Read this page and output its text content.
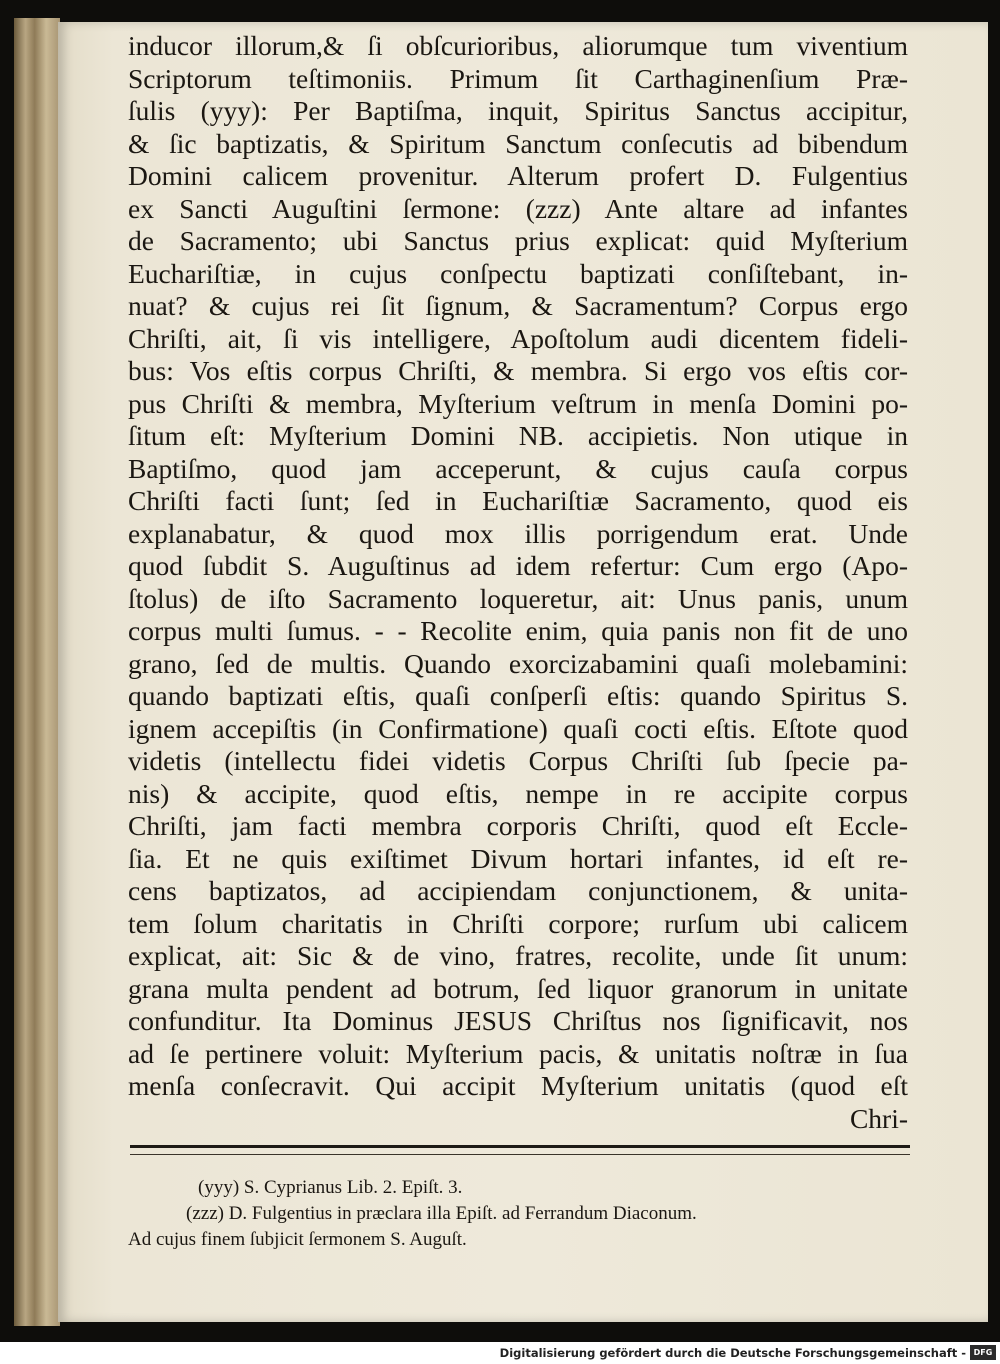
inducor illorum,& ſi obſcurioribus, aliorumque tum viventium
Scriptorum teſtimoniis. Primum ſit Carthaginenſium Præ-
ſulis (yyy): Per Baptiſma, inquit, Spiritus Sanctus accipitur,
& ſic baptizatis, & Spiritum Sanctum conſecutis ad bibendum
Domini calicem provenitur. Alterum profert D. Fulgentius
ex Sancti Auguſtini ſermone: (zzz) Ante altare ad infantes
de Sacramento; ubi Sanctus prius explicat: quid Myſterium
Euchariſtiæ, in cujus conſpectu baptizati conſiſtebant, in-
nuat? & cujus rei ſit ſignum, & Sacramentum? Corpus ergo
Chriſti, ait, ſi vis intelligere, Apoſtolum audi dicentem fideli-
bus: Vos eſtis corpus Chriſti, & membra. Si ergo vos eſtis cor-
pus Chriſti & membra, Myſterium veſtrum in menſa Domini po-
ſitum eſt: Myſterium Domini NB. accipietis. Non utique in
Baptiſmo, quod jam acceperunt, & cujus cauſa corpus
Chriſti facti ſunt; ſed in Euchariſtiæ Sacramento, quod eis
explanabatur, & quod mox illis porrigendum erat. Unde
quod ſubdit S. Auguſtinus ad idem refertur: Cum ergo (Apo-
ſtolus) de iſto Sacramento loqueretur, ait: Unus panis, unum
corpus multi ſumus. - - Recolite enim, quia panis non fit de uno
grano, ſed de multis. Quando exorcizabamini quaſi molebamini:
quando baptizati eſtis, quaſi conſperſi eſtis: quando Spiritus S.
ignem accepiſtis (in Confirmatione) quaſi cocti eſtis. Eſtote quod
videtis (intellectu fidei videtis Corpus Chriſti ſub ſpecie pa-
nis) & accipite, quod eſtis, nempe in re accipite corpus
Chriſti, jam facti membra corporis Chriſti, quod eſt Eccle-
ſia. Et ne quis exiſtimet Divum hortari infantes, id eſt re-
cens baptizatos, ad accipiendam conjunctionem, & unita-
tem ſolum charitatis in Chriſti corpore; rurſum ubi calicem
explicat, ait: Sic & de vino, fratres, recolite, unde ſit unum:
grana multa pendent ad botrum, ſed liquor granorum in unitate
confunditur. Ita Dominus JESUS Chriſtus nos ſignificavit, nos
ad ſe pertinere voluit: Myſterium pacis, & unitatis noſtræ in ſua
menſa conſecravit. Qui accipit Myſterium unitatis (quod eſt
Chri-
(yyy) S. Cyprianus Lib. 2. Epiſt. 3.
(zzz) D. Fulgentius in præclara illa Epiſt. ad Ferrandum Diaconum.
Ad cujus finem ſubjicit ſermonem S. Auguſt.
Digitalisierung gefördert durch die Deutsche Forschungsgemeinschaft - DFG
